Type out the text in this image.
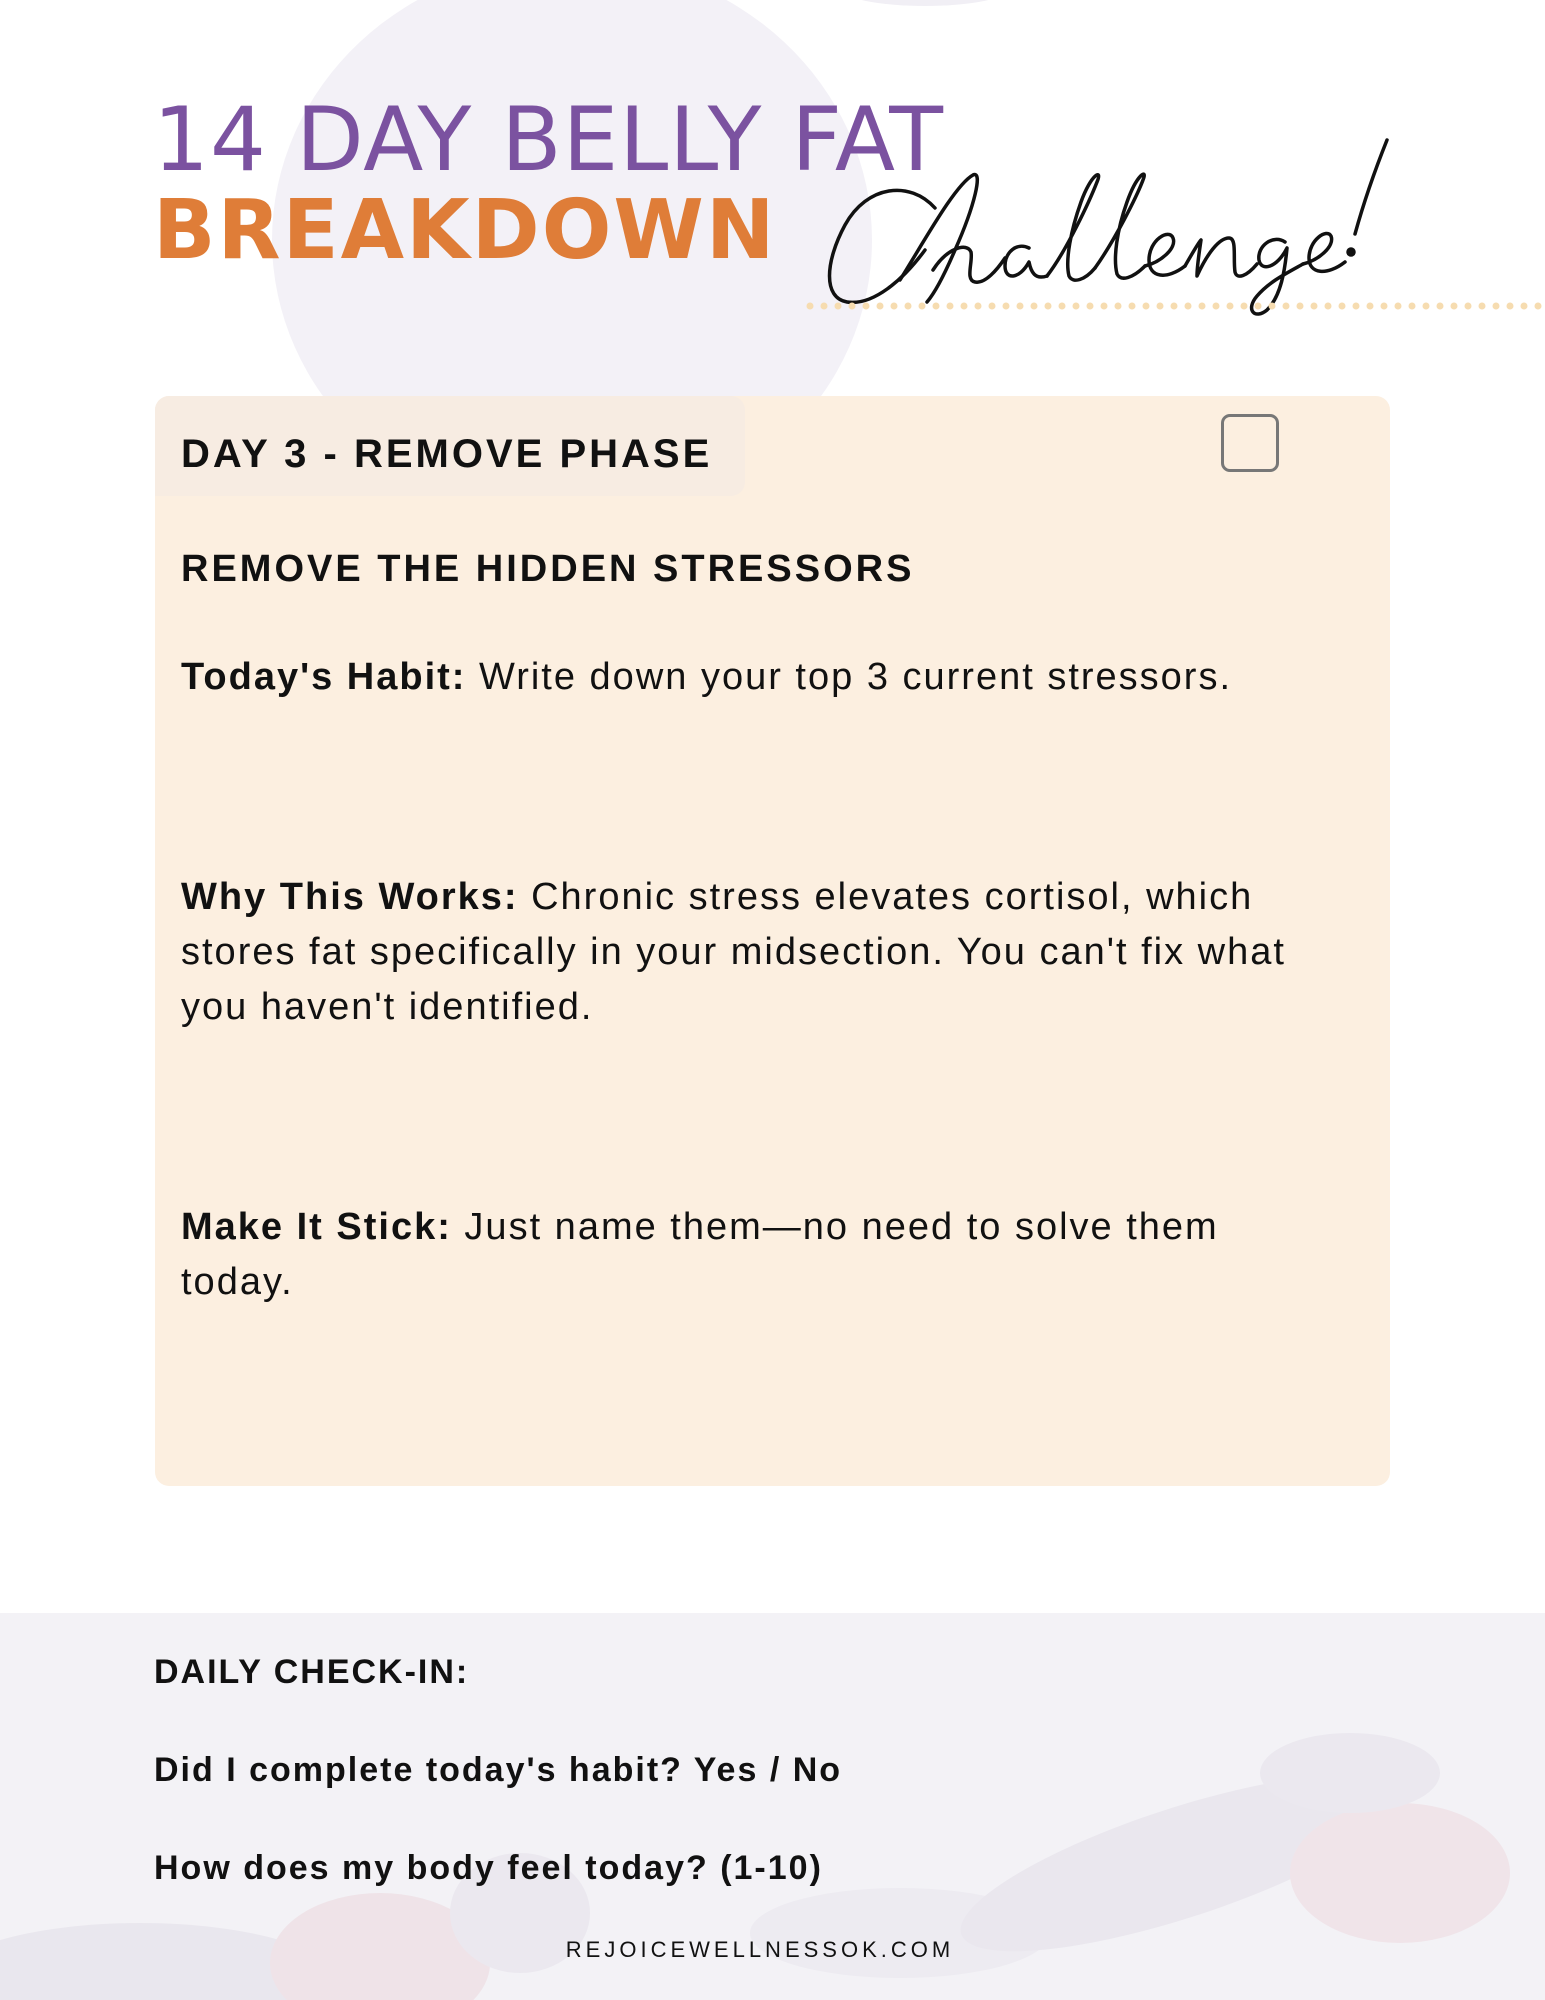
14 DAY BELLY FAT
BREAKDOWN
DAY 3 - REMOVE PHASE
REMOVE THE HIDDEN STRESSORS
Today's Habit: Write down your top 3 current stressors.
Why This Works: Chronic stress elevates cortisol, which stores fat specifically in your midsection. You can't fix what you haven't identified.
Make It Stick: Just name them—no need to solve them today.
DAILY CHECK-IN:
Did I complete today's habit? Yes / No
How does my body feel today? (1-10)
REJOICEWELLNESSOK.COM
